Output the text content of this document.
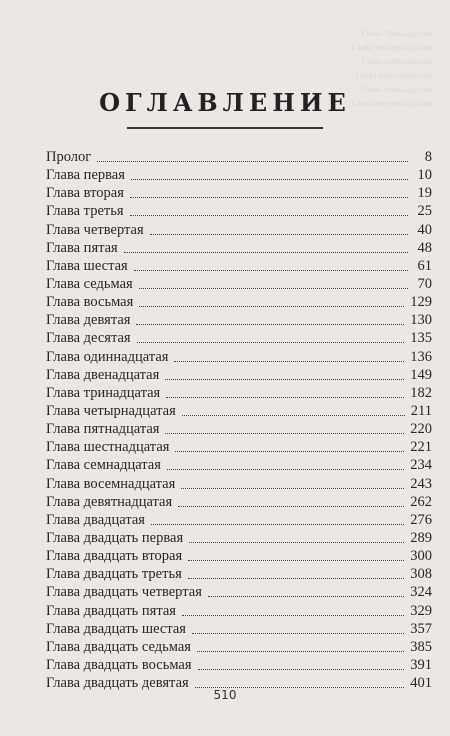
Глава тринадцатая
Глава четырнадцатая
Глава пятнадцатая
Глава шестнадцатая
Глава семнадцатая
Глава восемнадцатая
ОГЛАВЛЕНИЕ
Пролог	8
Глава первая	10
Глава вторая	19
Глава третья	25
Глава четвертая	40
Глава пятая	48
Глава шестая	61
Глава седьмая	70
Глава восьмая	129
Глава девятая	130
Глава десятая	135
Глава одиннадцатая	136
Глава двенадцатая	149
Глава тринадцатая	182
Глава четырнадцатая	211
Глава пятнадцатая	220
Глава шестнадцатая	221
Глава семнадцатая	234
Глава восемнадцатая	243
Глава девятнадцатая	262
Глава двадцатая	276
Глава двадцать первая	289
Глава двадцать вторая	300
Глава двадцать третья	308
Глава двадцать четвертая	324
Глава двадцать пятая	329
Глава двадцать шестая	357
Глава двадцать седьмая	385
Глава двадцать восьмая	391
Глава двадцать девятая	401
510
